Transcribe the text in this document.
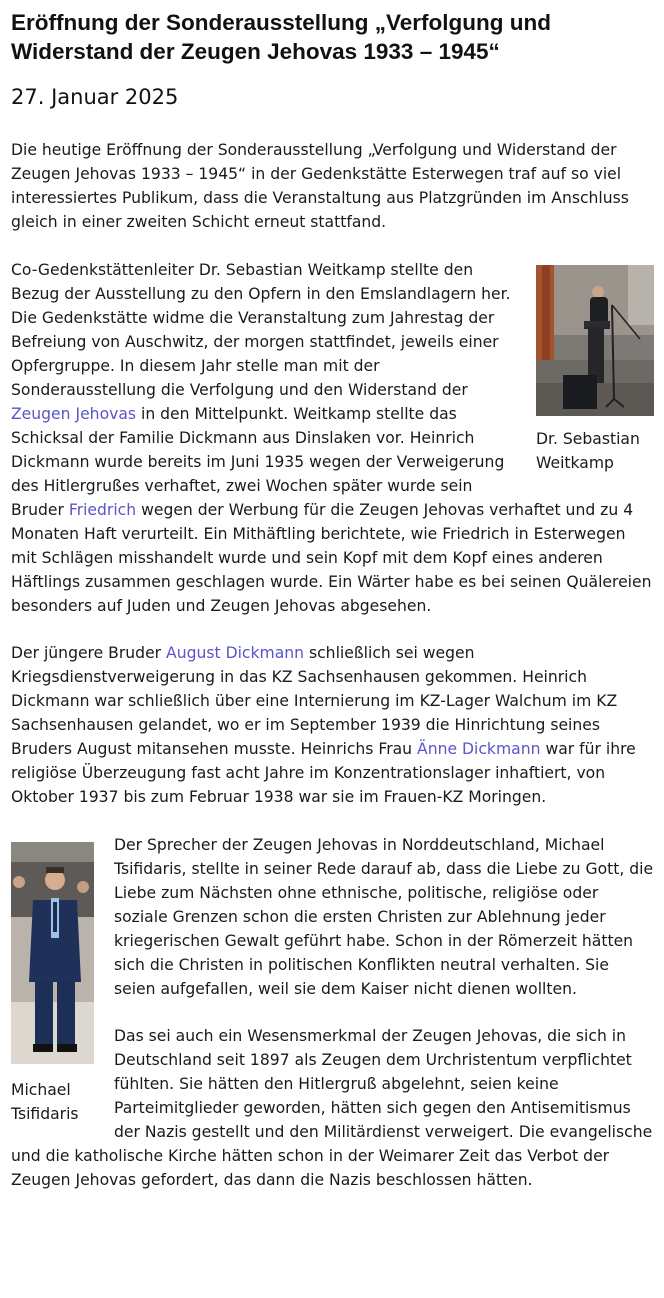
Eröffnung der Sonderausstellung „Verfolgung und Widerstand der Zeugen Jehovas 1933 – 1945“
27. Januar 2025

Die heutige Eröffnung der Sonderausstellung „Verfolgung und Widerstand der Zeugen Jehovas 1933 – 1945“ in der Gedenkstätte Esterwegen traf auf so viel interessiertes Publikum, dass die Veranstaltung aus Platzgründen im Anschluss gleich in einer zweiten Schicht erneut stattfand.

Dr. Sebastian Weitkamp

Co-Gedenkstättenleiter Dr. Sebastian Weitkamp stellte den Bezug der Ausstellung zu den Opfern in den Emslandlagern her. Die Gedenkstätte widme die Veranstaltung zum Jahrestag der Befreiung von Auschwitz, der morgen stattfindet, jeweils einer Opfergruppe. In diesem Jahr stelle man mit der Sonderausstellung die Verfolgung und den Widerstand der Zeugen Jehovas in den Mittelpunkt. Weitkamp stellte das Schicksal der Familie Dickmann aus Dinslaken vor. Heinrich Dickmann wurde bereits im Juni 1935 wegen der Verweigerung des Hitlergrußes verhaftet, zwei Wochen später wurde sein Bruder Friedrich wegen der Werbung für die Zeugen Jehovas verhaftet und zu 4 Monaten Haft verurteilt. Ein Mithäftling berichtete, wie Friedrich in Esterwegen mit Schlägen misshandelt wurde und sein Kopf mit dem Kopf eines anderen Häftlings zusammen geschlagen wurde. Ein Wärter habe es bei seinen Quälereien besonders auf Juden und Zeugen Jehovas abgesehen.

Der jüngere Bruder August Dickmann schließlich sei wegen Kriegsdienstverweigerung in das KZ Sachsenhausen gekommen. Heinrich Dickmann war schließlich über eine Internierung im KZ-Lager Walchum im KZ Sachsenhausen gelandet, wo er im September 1939 die Hinrichtung seines Bruders August mitansehen musste. Heinrichs Frau Änne Dickmann war für ihre religiöse Überzeugung fast acht Jahre im Konzentrationslager inhaftiert, von Oktober 1937 bis zum Februar 1938 war sie im Frauen-KZ Moringen.

Michael Tsifidaris

Der Sprecher der Zeugen Jehovas in Norddeutschland, Michael Tsifidaris, stellte in seiner Rede darauf ab, dass die Liebe zu Gott, die Liebe zum Nächsten ohne ethnische, politische, religiöse oder soziale Grenzen schon die ersten Christen zur Ablehnung jeder kriegerischen Gewalt geführt habe. Schon in der Römerzeit hätten sich die Christen in politischen Konflikten neutral verhalten. Sie seien aufgefallen, weil sie dem Kaiser nicht dienen wollten.

Das sei auch ein Wesensmerkmal der Zeugen Jehovas, die sich in Deutschland seit 1897 als Zeugen dem Urchristentum verpflichtet fühlten. Sie hätten den Hitlergruß abgelehnt, seien keine Parteimitglieder geworden, hätten sich gegen den Antisemitismus der Nazis gestellt und den Militärdienst verweigert. Die evangelische und die katholische Kirche hätten schon in der Weimarer Zeit das Verbot der Zeugen Jehovas gefordert, das dann die Nazis beschlossen hätten.
